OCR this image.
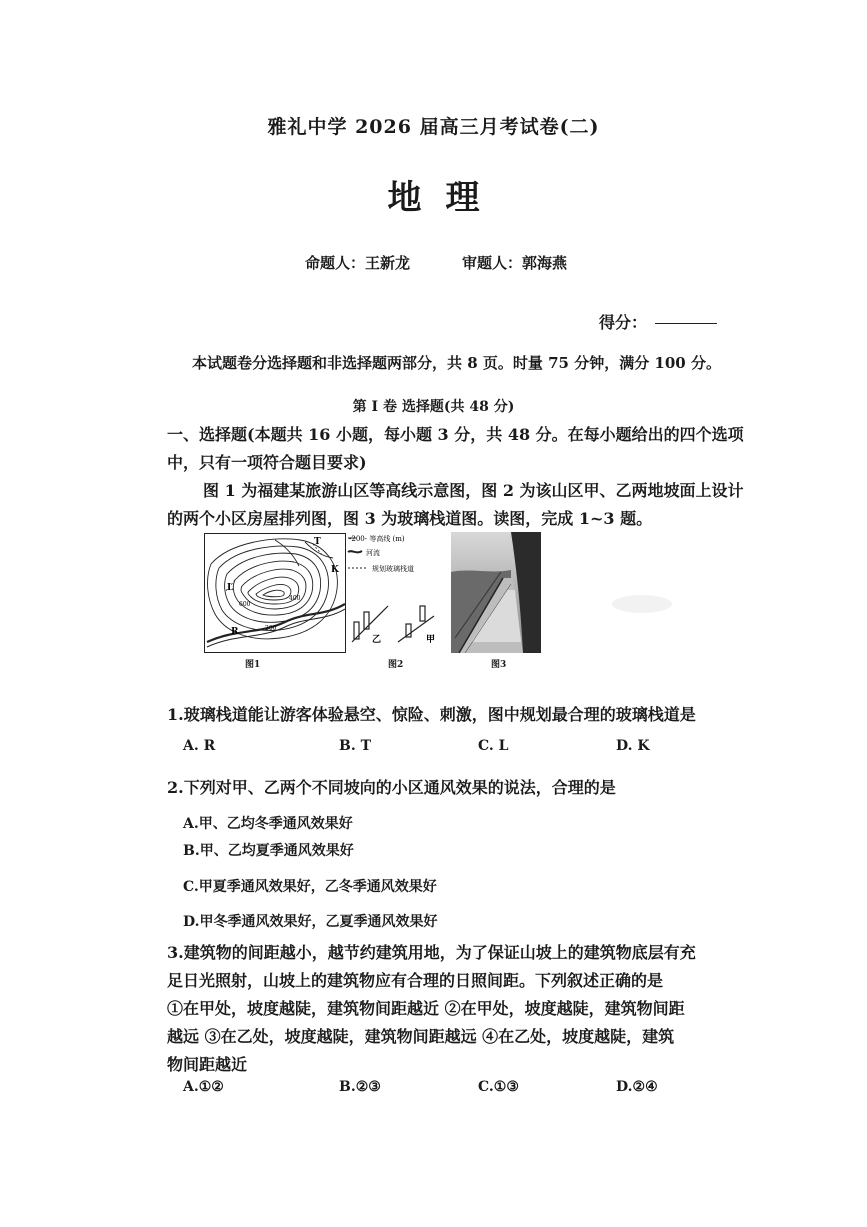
雅礼中学 2026 届高三月考试卷(二)
地理
命题人：王新龙	审题人：郭海燕
得分：
本试题卷分选择题和非选择题两部分，共 8 页。时量 75 分钟，满分 100 分。
第 Ⅰ 卷 选择题(共 48 分)
一、选择题(本题共 16 小题，每小题 3 分，共 48 分。在每小题给出的四个选项
中，只有一项符合题目要求)
图 1 为福建某旅游山区等高线示意图，图 2 为该山区甲、乙两地坡面上设计
的两个小区房屋排列图，图 3 为玻璃栈道图。读图，完成 1~3 题。
T
K
L
R
600
400
200
-200- 等高线 (m)
河流
规划玻璃栈道
乙	甲
图1	图2	图3
1.玻璃栈道能让游客体验悬空、惊险、刺激，图中规划最合理的玻璃栈道是
A. R	B. T	C. L	D. K
2.下列对甲、乙两个不同坡向的小区通风效果的说法，合理的是
A.甲、乙均冬季通风效果好
B.甲、乙均夏季通风效果好
C.甲夏季通风效果好，乙冬季通风效果好
D.甲冬季通风效果好，乙夏季通风效果好
3.建筑物的间距越小，越节约建筑用地，为了保证山坡上的建筑物底层有充
足日光照射，山坡上的建筑物应有合理的日照间距。下列叙述正确的是
①在甲处，坡度越陡，建筑物间距越近 ②在甲处，坡度越陡，建筑物间距
越远 ③在乙处，坡度越陡，建筑物间距越远 ④在乙处，坡度越陡，建筑
物间距越近
A.①②	B.②③	C.①③	D.②④
